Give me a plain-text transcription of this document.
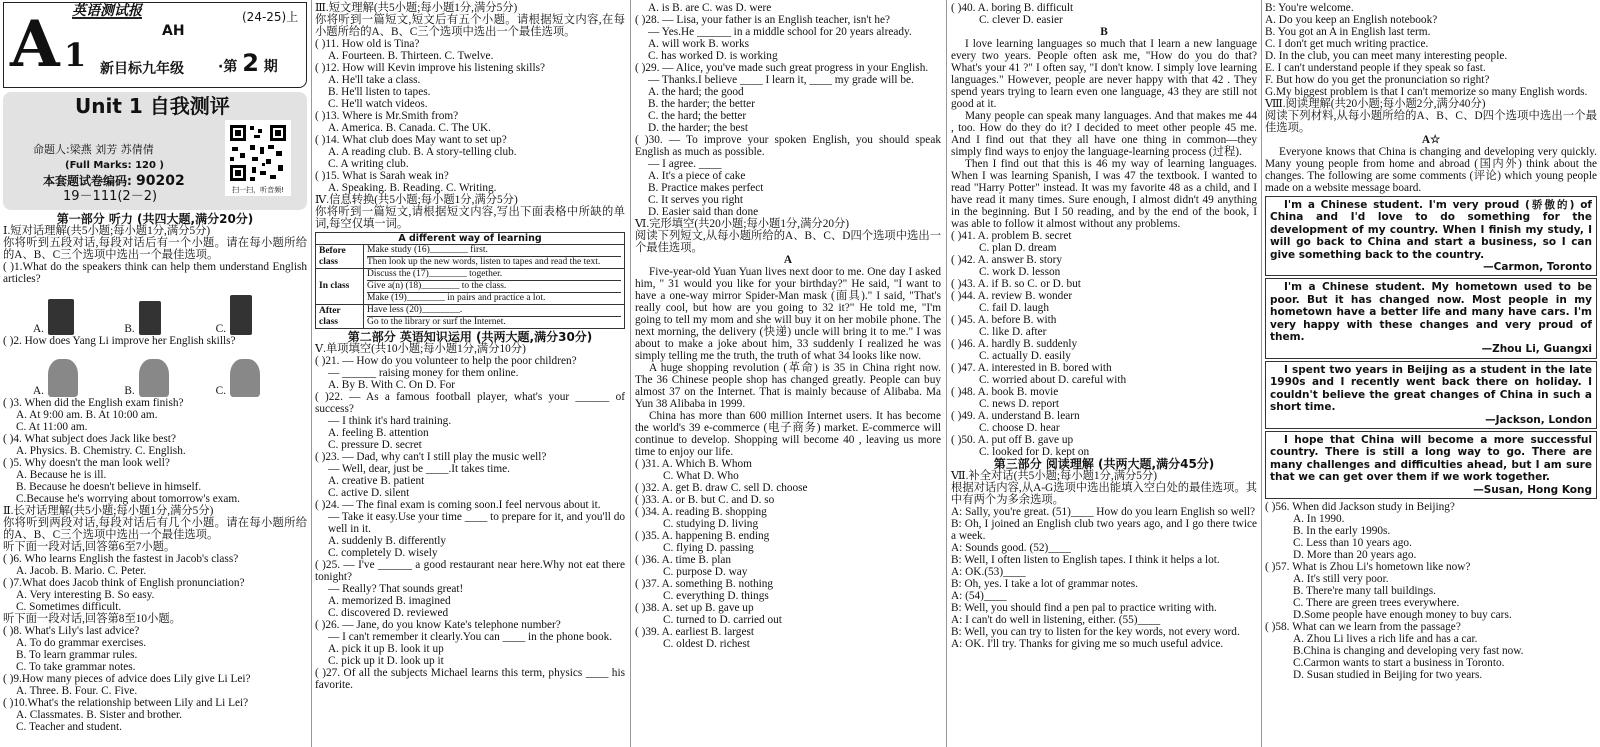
英语测试报	(24-25)上
A 1
AH
新目标九年级 ·第 2 期
Unit 1 自我测评
命题人:梁燕 刘芳 苏倩倩
(Full Marks: 120 )
本套题试卷编码: 90202
19－111(2－2)	扫一扫，听音频!

第一部分 听力 (共四大题,满分20分)

Ⅰ.短对话理解(共5小题;每小题1分,满分5分)

你将听到五段对话,每段对话后有一个小题。请在每小题所给的A、B、C三个选项中选出一个最佳选项。

( )1.What do the speakers think can help them understand English articles?

A.	B.	C.

( )2. How does Yang Li improve her English skills?

A.	B.	C.

( )3. When did the English exam finish?

A. At 9:00 am. B. At 10:00 am.

C. At 11:00 am.

( )4. What subject does Jack like best?

A. Physics. B. Chemistry. C. English.

( )5. Why doesn't the man look well?

A. Because he is ill.

B. Because he doesn't believe in himself.

C.Because he's worrying about tomorrow's exam.

Ⅱ.长对话理解(共5小题;每小题1分,满分5分)

你将听到两段对话,每段对话后有几个小题。请在每小题所给的A、B、C三个选项中选出一个最佳选项。

听下面一段对话,回答第6至7小题。

( )6. Who learns English the fastest in Jacob's class?

A. Jacob. B. Mario. C. Peter.

( )7.What does Jacob think of English pronunciation?

A. Very interesting B. So easy.

C. Sometimes difficult.

听下面一段对话,回答第8至10小题。

( )8. What's Lily's last advice?

A. To do grammar exercises.

B. To learn grammar rules.

C. To take grammar notes.

( )9.How many pieces of advice does Lily give Li Lei?

A. Three. B. Four. C. Five.

( )10.What's the relationship between Lily and Li Lei?

A. Classmates. B. Sister and brother.

C. Teacher and student.

Ⅲ.短文理解(共5小题;每小题1分,满分5分)

你将听到一篇短文,短文后有五个小题。请根据短文内容,在每小题所给的A、B、C三个选项中选出一个最佳选项。

( )11. How old is Tina?

A. Fourteen. B. Thirteen. C. Twelve.

( )12. How will Kevin improve his listening skills?

A. He'll take a class.

B. He'll listen to tapes.

C. He'll watch videos.

( )13. Where is Mr.Smith from?

A. America. B. Canada. C. The UK.

( )14. What club does May want to set up?

A. A reading club. B. A story-telling club.

C. A writing club.

( )15. What is Sarah weak in?

A. Speaking. B. Reading. C. Writing.

Ⅳ.信息转换(共5小题;每小题1分,满分5分)

你将听到一篇短文,请根据短文内容,写出下面表格中所缺的单词,每空仅填一词。

A different way of learning	
Before class	Make study (16)________ first.
Then look up the new words, listen to tapes and read the text.

In class	Discuss the (17)________ together.
Give a(n) (18)________ to the class.
Make (19)________ in pairs and practice a lot.

After class	Have less (20)________.
Go to the library or surf the Internet.

第二部分 英语知识运用 (共两大题,满分30分)

Ⅴ.单项填空(共10小题;每小题1分,满分10分)

( )21. — How do you volunteer to help the poor children?

— ______ raising money for them online.

A. By B. With C. On D. For

( )22. — As a famous football player, what's your ______ of success?

— I think it's hard training.

A. feeling B. attention

C. pressure D. secret

( )23. — Dad, why can't I still play the music well?

— Well, dear, just be ____.It takes time.

A. creative B. patient

C. active D. silent

( )24. — The final exam is coming soon.I feel nervous about it.

— Take it easy.Use your time ____ to prepare for it, and you'll do well in it.

A. suddenly B. differently

C. completely D. wisely

( )25. — I've ______ a good restaurant near here.Why not eat there tonight?

— Really? That sounds great!

A. memorized B. imagined

C. discovered D. reviewed

( )26. — Jane, do you know Kate's telephone number?

— I can't remember it clearly.You can ____ in the phone book.

A. pick it up B. look it up

C. pick up it D. look up it

( )27. Of all the subjects Michael learns this term, physics ____ his favorite.

A. is B. are C. was D. were

( )28. — Lisa, your father is an English teacher, isn't he?

— Yes.He ______ in a middle school for 20 years already.

A. will work B. works

C. has worked D. is working

( )29. — Alice, you've made such great progress in your English.

— Thanks.I believe ____ I learn it, ____ my grade will be.

A. the hard; the good

B. the harder; the better

C. the hard; the better

D. the harder; the best

( )30. — To improve your spoken English, you should speak English as much as possible.

— I agree. ____

A. It's a piece of cake

B. Practice makes perfect

C. It serves you right

D. Easier said than done

Ⅵ.完形填空(共20小题;每小题1分,满分20分)

阅读下列短文,从每小题所给的A、B、C、D四个选项中选出一个最佳选项。

A

Five-year-old Yuan Yuan lives next door to me. One day I asked him, " 31 would you like for your birthday?" He said, "I want to have a one-way mirror Spider-Man mask (面具)." I said, "That's really cool, but how are you going to 32 it?" He told me, "I'm going to tell my mom and she will buy it on her mobile phone. The next morning, the delivery (快递) uncle will bring it to me." I was about to make a joke about him, 33 suddenly I realized he was simply telling me the truth, the truth of what 34 looks like now.

A huge shopping revolution (革命) is 35 in China right now. The 36 Chinese people shop has changed greatly. People can buy almost 37 on the Internet. That is mainly because of Alibaba. Ma Yun 38 Alibaba in 1999.

China has more than 600 million Internet users. It has become the world's 39 e-commerce (电子商务) market. E-commerce will continue to develop. Shopping will become 40 , leaving us more time to enjoy our life.

( )31. A. Which B. Whom

C. What D. Who

( )32. A. get B. draw C. sell D. choose

( )33. A. or B. but C. and D. so

( )34. A. reading B. shopping

C. studying D. living

( )35. A. happening B. ending

C. flying D. passing

( )36. A. time B. plan

C. purpose D. way

( )37. A. something B. nothing

C. everything D. things

( )38. A. set up B. gave up

C. turned to D. carried out

( )39. A. earliest B. largest

C. oldest D. richest

( )40. A. boring B. difficult

C. clever D. easier

B

I love learning languages so much that I learn a new language every two years. People often ask me, "How do you do that? What's your 41 ?" I often say, "I don't know. I simply love learning languages." However, people are never happy with that 42 . They spend years trying to learn even one language, 43 they are still not good at it.

Many people can speak many languages. And that makes me 44 , too. How do they do it? I decided to meet other people 45 me. And I find out that they all have one thing in common—they simply find ways to enjoy the language-learning process (过程).

Then I find out that this is 46 my way of learning languages. When I was learning Spanish, I was 47 the textbook. I wanted to read "Harry Potter" instead. It was my favorite 48 as a child, and I have read it many times. Sure enough, I almost didn't 49 anything in the beginning. But I 50 reading, and by the end of the book, I was able to follow it almost without any problems.

( )41. A. problem B. secret

C. plan D. dream

( )42. A. answer B. story

C. work D. lesson

( )43. A. if B. so C. or D. but

( )44. A. review B. wonder

C. fail D. laugh

( )45. A. before B. with

C. like D. after

( )46. A. hardly B. suddenly

C. actually D. easily

( )47. A. interested in B. bored with

C. worried about D. careful with

( )48. A. book B. movie

C. news D. report

( )49. A. understand B. learn

C. choose D. hear

( )50. A. put off B. gave up

C. looked for D. kept on

第三部分 阅读理解 (共两大题,满分45分)

Ⅶ.补全对话(共5小题;每小题1分,满分5分)

根据对话内容,从A-G选项中选出能填入空白处的最佳选项。其中有两个为多余选项。

A: Sally, you're great. (51)____ How do you learn English so well?

B: Oh, I joined an English club two years ago, and I go there twice a week.

A: Sounds good. (52)____

B: Well, I often listen to English tapes. I think it helps a lot.

A: OK.(53)____

B: Oh, yes. I take a lot of grammar notes.

A: (54)____

B: Well, you should find a pen pal to practice writing with.

A: I can't do well in listening, either. (55)____

B: Well, you can try to listen for the key words, not every word.

A: OK. I'll try. Thanks for giving me so much useful advice.

B: You're welcome.

A. Do you keep an English notebook?

B. You got an A in English last term.

C. I don't get much writing practice.

D. In the club, you can meet many interesting people.

E. I can't understand people if they speak so fast.

F. But how do you get the pronunciation so right?

G.My biggest problem is that I can't memorize so many English words.

Ⅷ.阅读理解(共20小题;每小题2分,满分40分)

阅读下列材料,从每小题所给的A、B、C、D四个选项中选出一个最佳选项。

A☆

Everyone knows that China is changing and developing very quickly. Many young people from home and abroad (国内外) think about the changes. The following are some comments (评论) which young people made on a website message board.

I'm a Chinese student. I'm very proud (骄傲的) of China and I'd love to do something for the development of my country. When I finish my study, I will go back to China and start a business, so I can give something back to the country.
—Carmon, Toronto
I'm a Chinese student. My hometown used to be poor. But it has changed now. Most people in my hometown have a better life and many have cars. I'm very happy with these changes and very proud of them.
—Zhou Li, Guangxi
I spent two years in Beijing as a student in the late 1990s and I recently went back there on holiday. I couldn't believe the great changes of China in such a short time.
—Jackson, London
I hope that China will become a more successful country. There is still a long way to go. There are many challenges and difficulties ahead, but I am sure that we can get over them if we work together.
—Susan, Hong Kong

( )56. When did Jackson study in Beijing?

A. In 1990.

B. In the early 1990s.

C. Less than 10 years ago.

D. More than 20 years ago.

( )57. What is Zhou Li's hometown like now?

A. It's still very poor.

B. There're many tall buildings.

C. There are green trees everywhere.

D.Some people have enough money to buy cars.

( )58. What can we learn from the passage?

A. Zhou Li lives a rich life and has a car.

B.China is changing and developing very fast now.

C.Carmon wants to start a business in Toronto.

D. Susan studied in Beijing for two years.
